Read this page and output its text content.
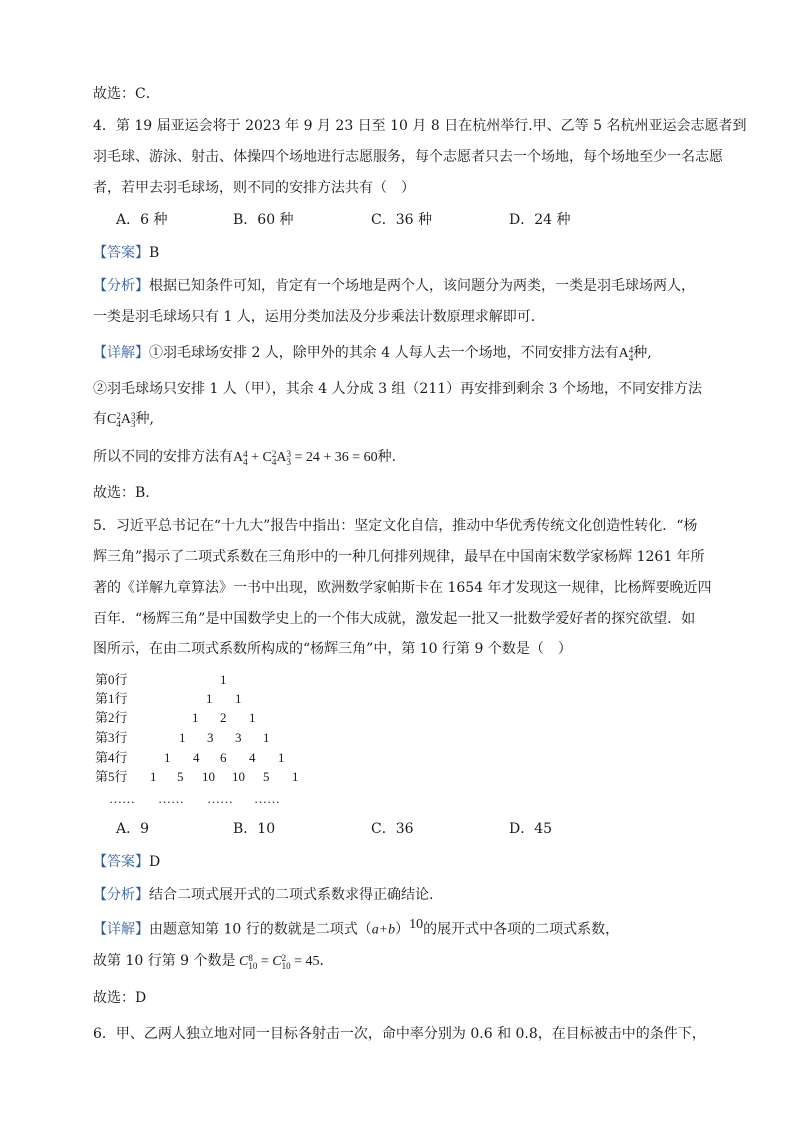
故选：C．
4．第 19 届亚运会将于 2023 年 9 月 23 日至 10 月 8 日在杭州举行.甲、乙等 5 名杭州亚运会志愿者到
羽毛球、游泳、射击、体操四个场地进行志愿服务，每个志愿者只去一个场地，每个场地至少一名志愿
者，若甲去羽毛球场，则不同的安排方法共有（　）
A．6 种	B．60 种	C．36 种	D．24 种
【答案】B
【分析】根据已知条件可知，肯定有一个场地是两个人，该问题分为两类，一类是羽毛球场两人，
一类是羽毛球场只有 1 人，运用分类加法及分步乘法计数原理求解即可.
【详解】①羽毛球场安排 2 人，除甲外的其余 4 人每人去一个场地，不同安排方法有A 4
4 种,
②羽毛球场只安排 1 人（甲），其余 4 人分成 3 组（211）再安排到剩余 3 个场地，不同安排方法
有C 2
4 A 3
3 种,
所以不同的安排方法有A 4
4 + C 2
4 A 3
3 = 24 + 36 = 60种.
故选：B.
5．习近平总书记在“十九大”报告中指出：坚定文化自信，推动中华优秀传统文化创造性转化．“杨
辉三角”揭示了二项式系数在三角形中的一种几何排列规律，最早在中国南宋数学家杨辉 1261 年所
著的《详解九章算法》一书中出现，欧洲数学家帕斯卡在 1654 年才发现这一规律，比杨辉要晚近四
百年．“杨辉三角”是中国数学史上的一个伟大成就，激发起一批又一批数学爱好者的探究欲望．如
图所示，在由二项式系数所构成的“杨辉三角”中，第 10 行第 9 个数是（　）
第0行	1
第1行	1 1
第2行	1 2 1
第3行	1 3 3 1
第4行	1 4 6 4 1
第5行 1 5 10 10 5 1
…… …… …… ……
A．9	B．10	C．36	D．45
【答案】D
【分析】结合二项式展开式的二项式系数求得正确结论.
【详解】由题意知第 10 行的数就是二项式$(a+b)^{10}$的展开式中各项的二项式系数，
故第 10 行第 9 个数是 C 8
10 = C 2
10 = 45．
故选：D
6．甲、乙两人独立地对同一目标各射击一次，命中率分别为 0.6 和 0.8，在目标被击中的条件下，
